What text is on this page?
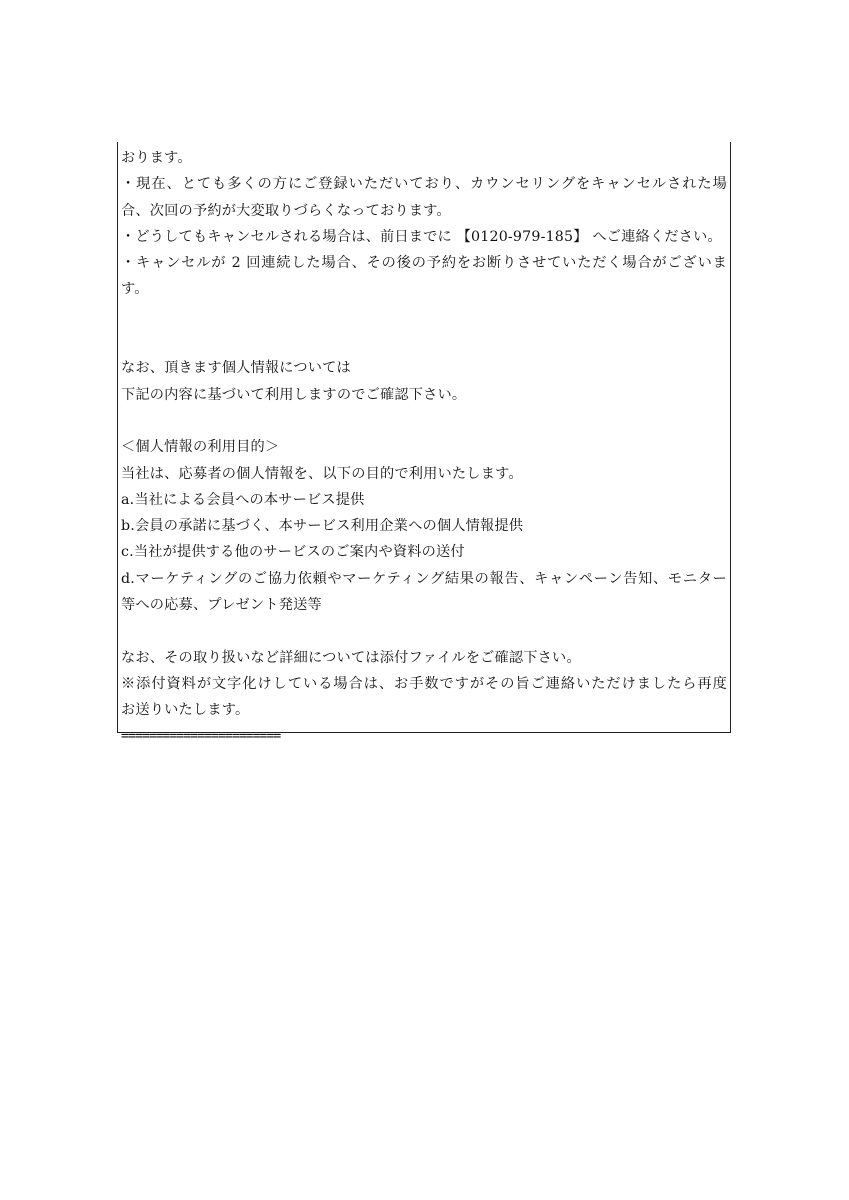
おります。
・現在、とても多くの方にご登録いただいており、カウンセリングをキャンセルされた場
合、次回の予約が大変取りづらくなっております。
・どうしてもキャンセルされる場合は、前日までに 【0120-979-185】 へご連絡ください。
・キャンセルが 2 回連続した場合、その後の予約をお断りさせていただく場合がございま
す。
なお、頂きます個人情報については
下記の内容に基づいて利用しますのでご確認下さい。
＜個人情報の利用目的＞
当社は、応募者の個人情報を、以下の目的で利用いたします。
a.当社による会員への本サービス提供
b.会員の承諾に基づく、本サービス利用企業への個人情報提供
c.当社が提供する他のサービスのご案内や資料の送付
d.マーケティングのご協力依頼やマーケティング結果の報告、キャンペーン告知、モニター
等への応募、プレゼント発送等
なお、その取り扱いなど詳細については添付ファイルをご確認下さい。
※添付資料が文字化けしている場合は、お手数ですがその旨ご連絡いただけましたら再度
お送りいたします。
=======================
